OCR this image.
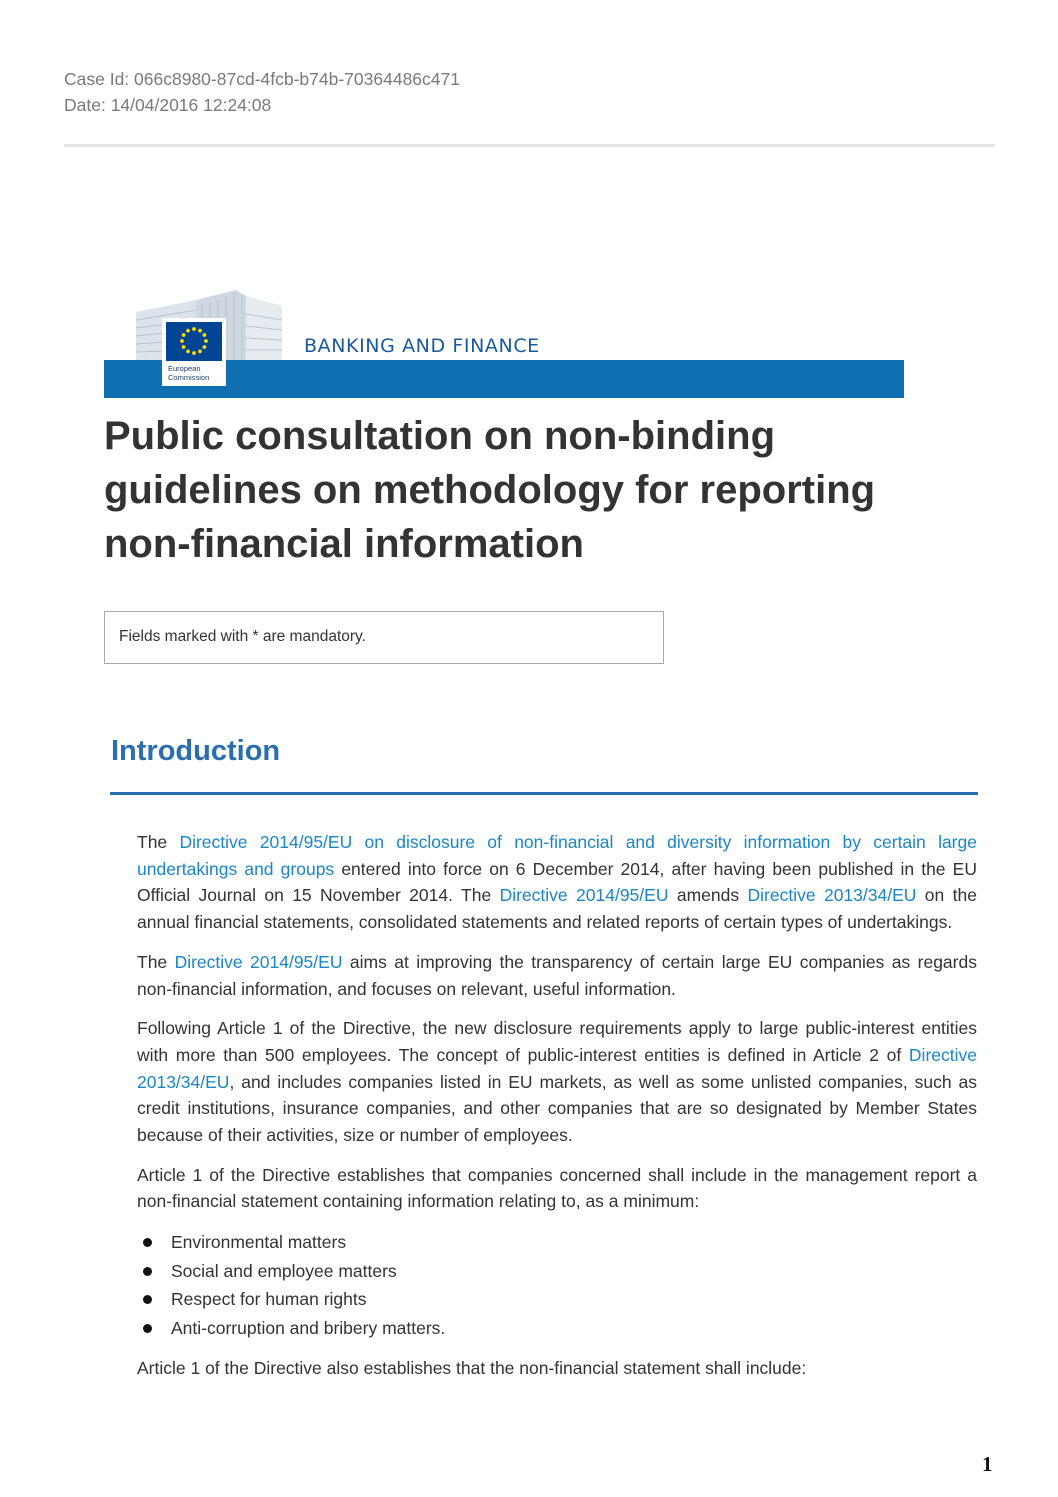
Case Id: 066c8980-87cd-4fcb-b74b-70364486c471
Date: 14/04/2016 12:24:08
European
Commission
BANKING AND FINANCE
Public consultation on non-binding guidelines on methodology for reporting non-financial information
Fields marked with * are mandatory.
Introduction

The Directive 2014/95/EU on disclosure of non-financial and diversity information by certain large undertakings and groups entered into force on 6 December 2014, after having been published in the EU Official Journal on 15 November 2014. The Directive 2014/95/EU amends Directive 2013/34/EU on the annual financial statements, consolidated statements and related reports of certain types of undertakings.

The Directive 2014/95/EU aims at improving the transparency of certain large EU companies as regards non-financial information, and focuses on relevant, useful information.

Following Article 1 of the Directive, the new disclosure requirements apply to large public-interest entities with more than 500 employees. The concept of public-interest entities is defined in Article 2 of Directive 2013/34/EU, and includes companies listed in EU markets, as well as some unlisted companies, such as credit institutions, insurance companies, and other companies that are so designated by Member States because of their activities, size or number of employees.

Article 1 of the Directive establishes that companies concerned shall include in the management report a non-financial statement containing information relating to, as a minimum:

Environmental matters
Social and employee matters
Respect for human rights
Anti-corruption and bribery matters.

Article 1 of the Directive also establishes that the non-financial statement shall include:

1
